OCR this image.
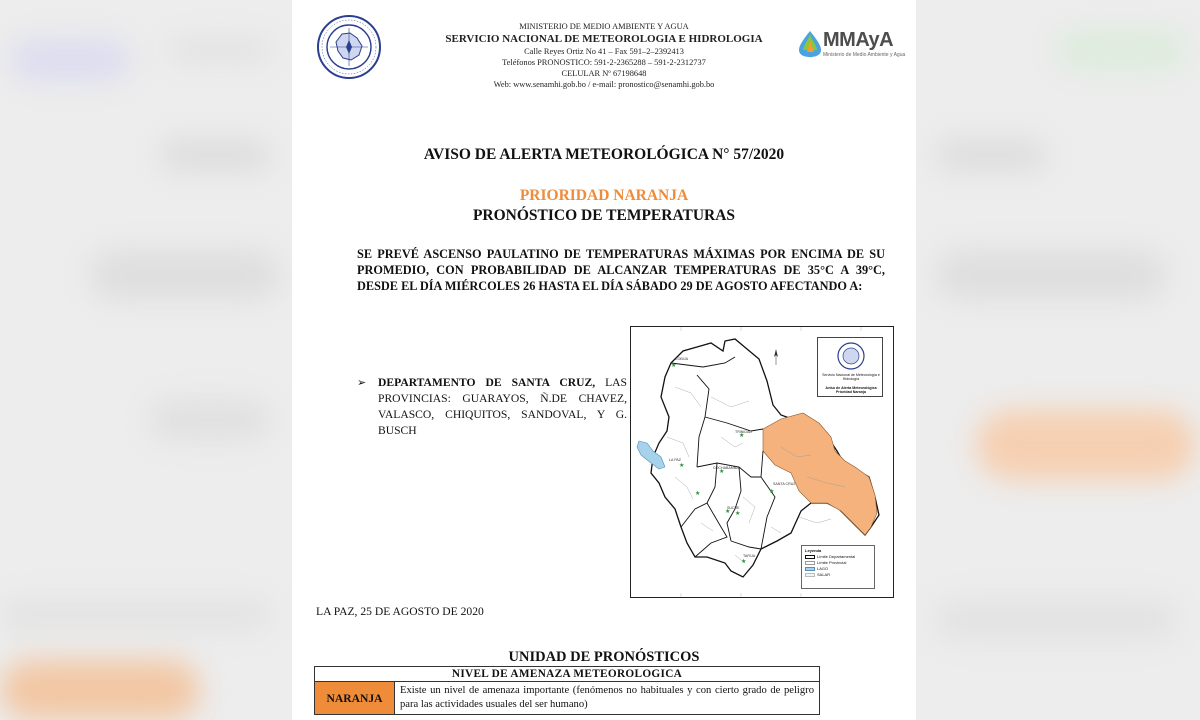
MMAyA
Ministerio de Medio Ambiente y Agua
MINISTERIO DE MEDIO AMBIENTE Y AGUA
SERVICIO NACIONAL DE METEOROLOGIA E HIDROLOGIA
Calle Reyes Ortiz No 41 – Fax 591–2–2392413
Teléfonos PRONOSTICO: 591-2-2365288 – 591-2-2312737
CELULAR Nº 67198648
Web: www.senamhi.gob.bo / e-mail: pronostico@senamhi.gob.bo
AVISO DE ALERTA METEOROLÓGICA N° 57/2020
PRIORIDAD NARANJA
PRONÓSTICO DE TEMPERATURAS
SE PREVÉ ASCENSO PAULATINO DE TEMPERATURAS MÁXIMAS POR ENCIMA DE SU PROMEDIO, CON PROBABILIDAD DE ALCANZAR TEMPERATURAS DE 35°C A 39°C, DESDE EL DÍA MIÉRCOLES 26 HASTA EL DÍA SÁBADO 29 DE AGOSTO AFECTANDO A:
➢ DEPARTAMENTO DE SANTA CRUZ, LAS PROVINCIAS: GUARAYOS, Ñ.DE CHAVEZ, VALASCO, CHIQUITOS, SANDOVAL, Y G. BUSCH	★
★
★
★
★
★ ★
★
★
COBIJA
TRINIDAD
LA PAZ
COCHABAMBA
SANTA CRUZ
SUCRE
TARIJA
Servicio Nacional de Meteorología e Hidrología
Aviso de Alerta Meteorológica Prioridad Naranja
Leyenda
Límite Departamental
Límite Provincial
LAGO
SALAR
LA PAZ, 25 DE AGOSTO DE 2020
UNIDAD DE PRONÓSTICOS
NIVEL DE AMENAZA METEOROLOGICA
NARANJA	Existe un nivel de amenaza importante (fenómenos no habituales y con cierto grado de peligro para las actividades usuales del ser humano)
